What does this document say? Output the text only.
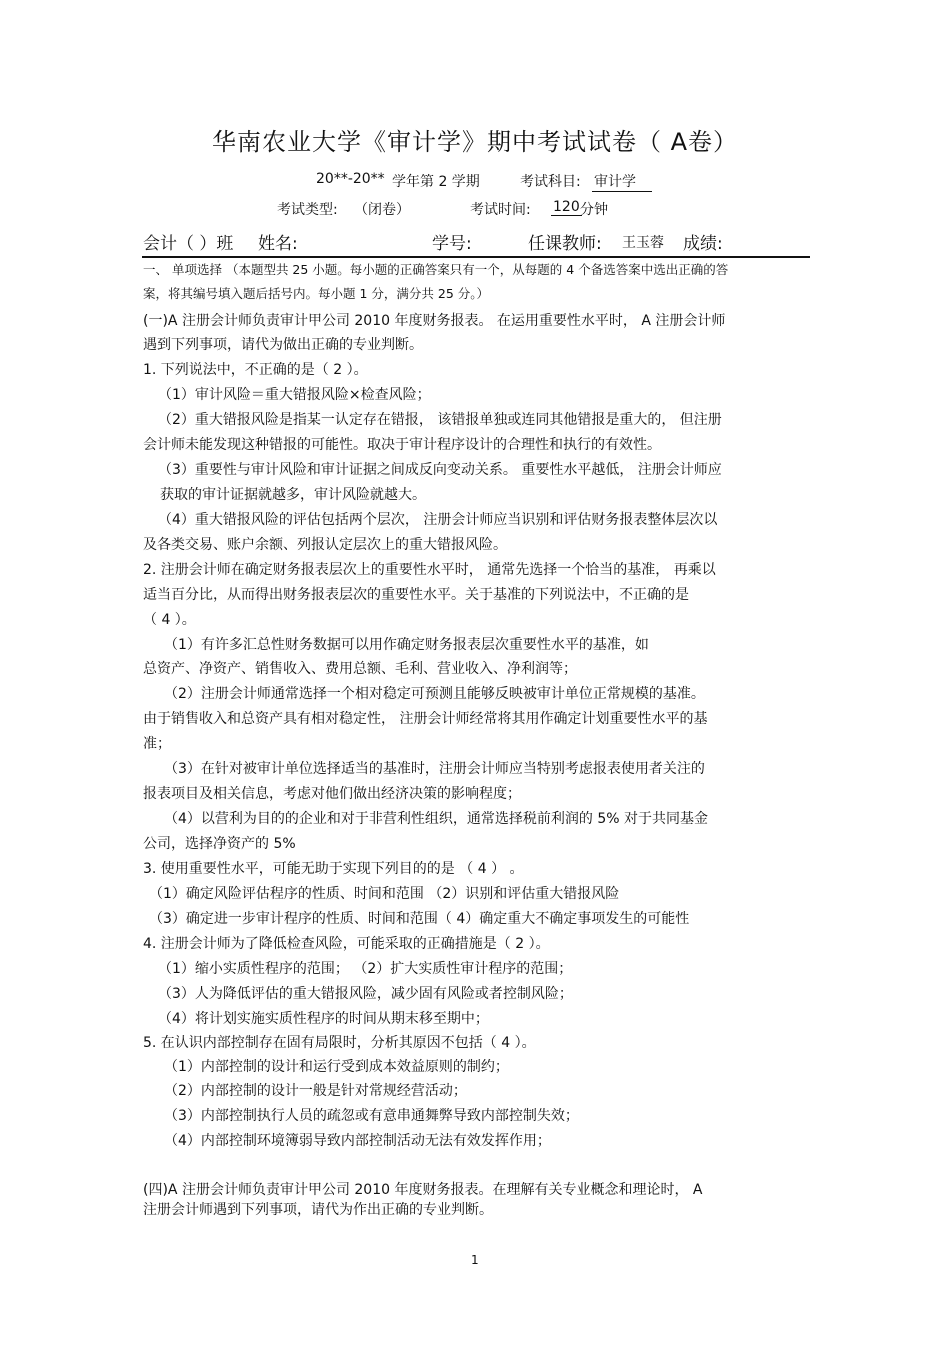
华南农业大学《审计学》期中考试试卷（ A卷）
20**-20** 学年第 2 学期	考试科目: 审计学
考试类型: （闭卷）	考试时间: 120 分钟
会计（ ）班 姓名:	学号:	任课教师: 王玉蓉 成绩:
一、 单项选择 （本题型共 25 小题。每小题的正确答案只有一个，从每题的 4 个备选答案中选出正确的答
案，将其编号填入题后括号内。每小题 1 分，满分共 25 分。）
(一)A 注册会计师负责审计甲公司 2010 年度财务报表。 在运用重要性水平时， A 注册会计师
遇到下列事项，请代为做出正确的专业判断。
1. 下列说法中，不正确的是（ 2 ）。
（1）审计风险＝重大错报风险×检查风险；
（2）重大错报风险是指某一认定存在错报， 该错报单独或连同其他错报是重大的， 但注册
会计师未能发现这种错报的可能性。取决于审计程序设计的合理性和执行的有效性。
（3）重要性与审计风险和审计证据之间成反向变动关系。 重要性水平越低， 注册会计师应
获取的审计证据就越多，审计风险就越大。
（4）重大错报风险的评估包括两个层次， 注册会计师应当识别和评估财务报表整体层次以
及各类交易、账户余额、列报认定层次上的重大错报风险。
2. 注册会计师在确定财务报表层次上的重要性水平时， 通常先选择一个恰当的基准， 再乘以
适当百分比，从而得出财务报表层次的重要性水平。关于基准的下列说法中，不正确的是
（ 4 ）。
（1）有许多汇总性财务数据可以用作确定财务报表层次重要性水平的基准，如
总资产、净资产、销售收入、费用总额、毛利、营业收入、净利润等；
（2）注册会计师通常选择一个相对稳定可预测且能够反映被审计单位正常规模的基准。
由于销售收入和总资产具有相对稳定性， 注册会计师经常将其用作确定计划重要性水平的基
准；
（3）在针对被审计单位选择适当的基准时，注册会计师应当特别考虑报表使用者关注的
报表项目及相关信息，考虑对他们做出经济决策的影响程度；
（4）以营利为目的的企业和对于非营利性组织，通常选择税前利润的 5% 对于共同基金
公司，选择净资产的 5%
3. 使用重要性水平，可能无助于实现下列目的的是 （ 4 ） 。
（1）确定风险评估程序的性质、时间和范围 （2）识别和评估重大错报风险
（3）确定进一步审计程序的性质、时间和范围（ 4）确定重大不确定事项发生的可能性
4. 注册会计师为了降低检查风险，可能采取的正确措施是（ 2 ）。
（1）缩小实质性程序的范围； （2）扩大实质性审计程序的范围；
（3）人为降低评估的重大错报风险，减少固有风险或者控制风险；
（4）将计划实施实质性程序的时间从期末移至期中；
5. 在认识内部控制存在固有局限时，分析其原因不包括（ 4 ）。
（1）内部控制的设计和运行受到成本效益原则的制约；
（2）内部控制的设计一般是针对常规经营活动；
（3）内部控制执行人员的疏忽或有意串通舞弊导致内部控制失效；
（4）内部控制环境簿弱导致内部控制活动无法有效发挥作用；
(四)A 注册会计师负责审计甲公司 2010 年度财务报表。在理解有关专业概念和理论时， A
注册会计师遇到下列事项，请代为作出正确的专业判断。
1
